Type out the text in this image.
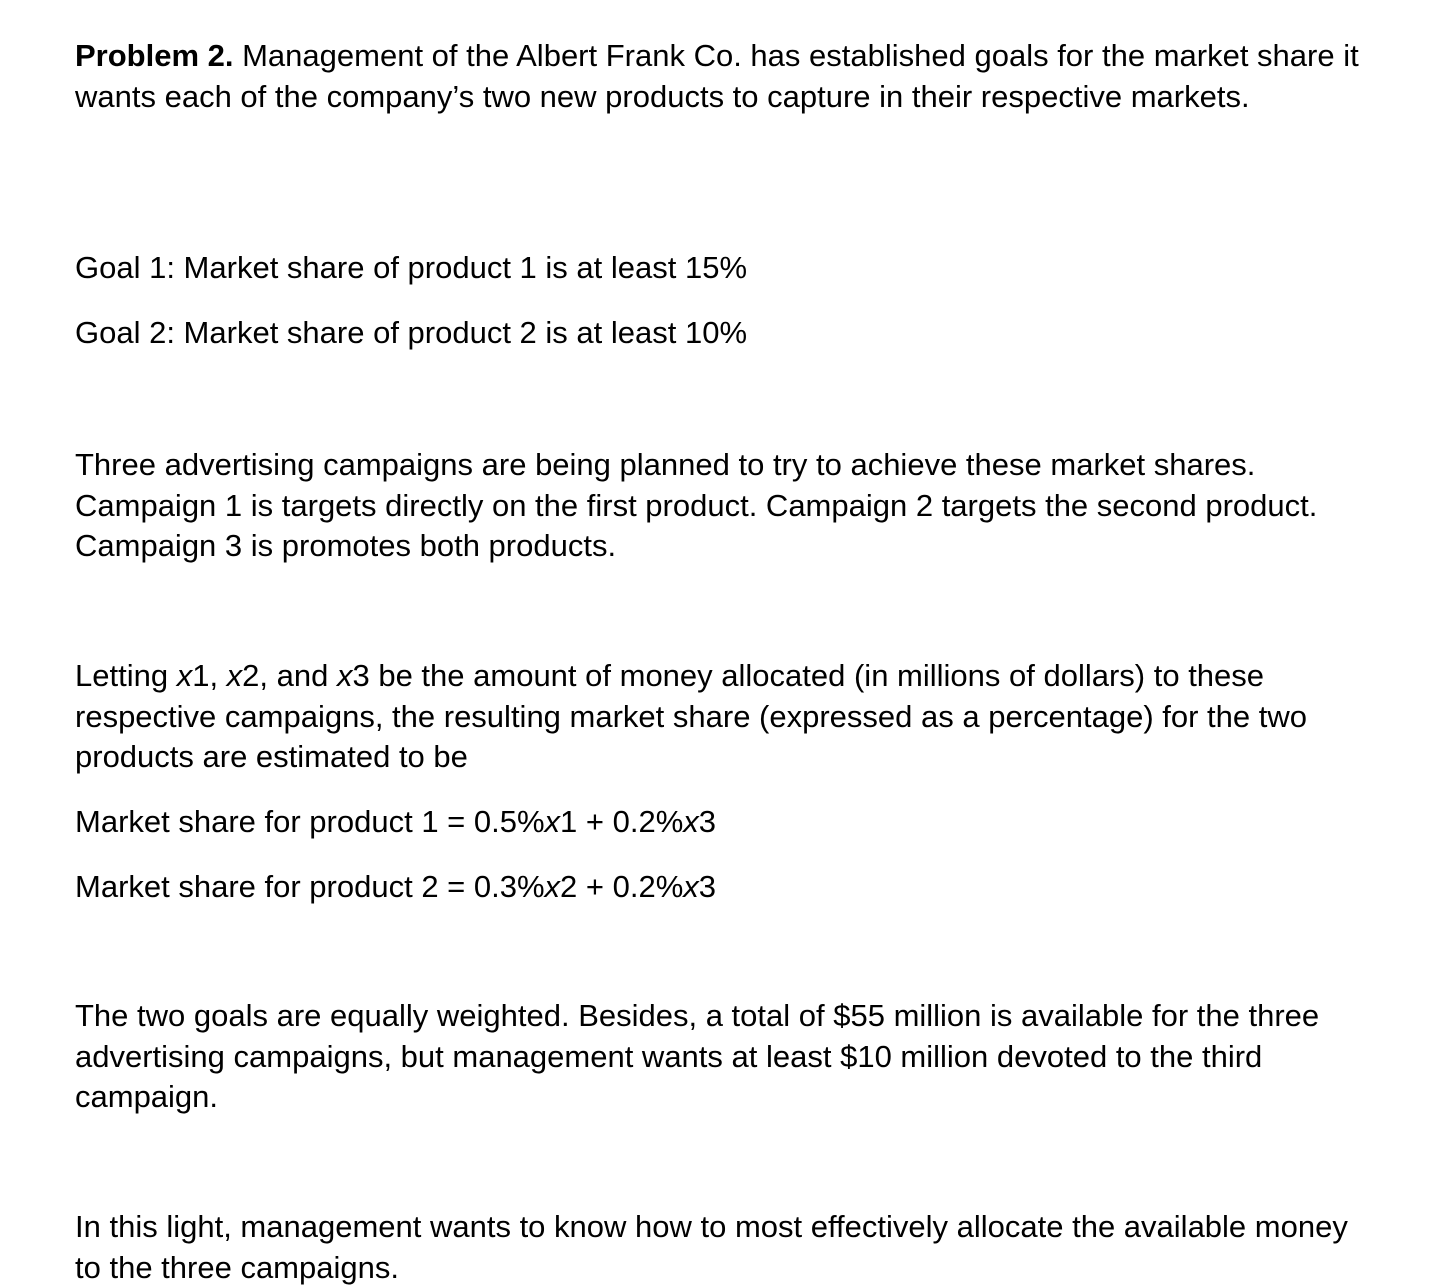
Problem 2. Management of the Albert Frank Co. has established goals for the market share it wants each of the company’s two new products to capture in their respective markets.

Goal 1: Market share of product 1 is at least 15%

Goal 2: Market share of product 2 is at least 10%

Three advertising campaigns are being planned to try to achieve these market shares. Campaign 1 is targets directly on the first product. Campaign 2 targets the second product. Campaign 3 is promotes both products.

Letting x1, x2, and x3 be the amount of money allocated (in millions of dollars) to these respective campaigns, the resulting market share (expressed as a percentage) for the two products are estimated to be

Market share for product 1 = 0.5%x1 + 0.2%x3

Market share for product 2 = 0.3%x2 + 0.2%x3

The two goals are equally weighted. Besides, a total of $55 million is available for the three advertising campaigns, but management wants at least $10 million devoted to the third campaign.

In this light, management wants to know how to most effectively allocate the available money to the three campaigns.
